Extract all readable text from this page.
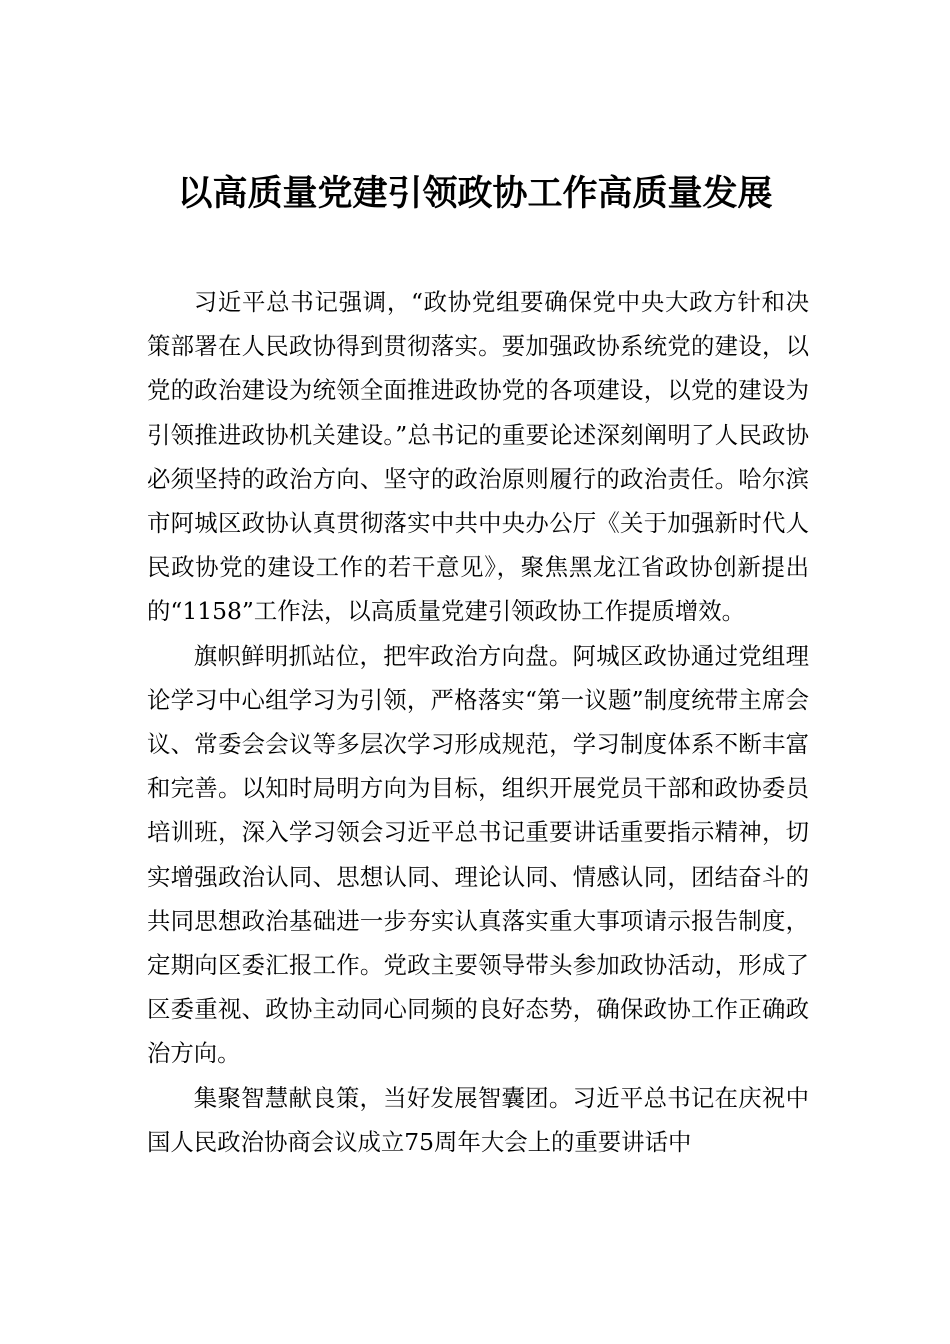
以高质量党建引领政协工作高质量发展

习近平总书记强调，“政协党组要确保党中央大政方针和决策部署在人民政协得到贯彻落实。要加强政协系统党的建设，以党的政治建设为统领全面推进政协党的各项建设，以党的建设为引领推进政协机关建设。”总书记的重要论述深刻阐明了人民政协必须坚持的政治方向、坚守的政治原则履行的政治责任。哈尔滨市阿城区政协认真贯彻落实中共中央办公厅《关于加强新时代人民政协党的建设工作的若干意见》，聚焦黑龙江省政协创新提出的“1158”工作法，以高质量党建引领政协工作提质增效。

旗帜鲜明抓站位，把牢政治方向盘。阿城区政协通过党组理论学习中心组学习为引领，严格落实“第一议题”制度统带主席会议、常委会会议等多层次学习形成规范，学习制度体系不断丰富和完善。以知时局明方向为目标，组织开展党员干部和政协委员培训班，深入学习领会习近平总书记重要讲话重要指示精神，切实增强政治认同、思想认同、理论认同、情感认同，团结奋斗的共同思想政治基础进一步夯实认真落实重大事项请示报告制度，定期向区委汇报工作。党政主要领导带头参加政协活动，形成了区委重视、政协主动同心同频的良好态势，确保政协工作正确政治方向。

集聚智慧献良策，当好发展智囊团。习近平总书记在庆祝中国人民政治协商会议成立75周年大会上的重要讲话中
